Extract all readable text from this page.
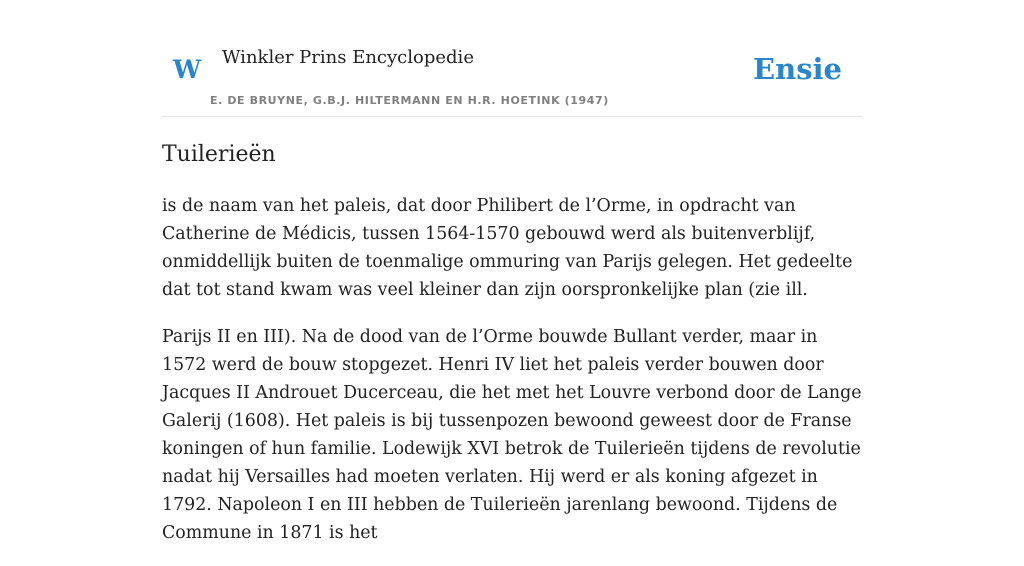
W Winkler Prins Encyclopedie
E. DE BRUYNE, G.B.J. HILTERMANN EN H.R. HOETINK (1947)
Ensie
Tuilerieën

is de naam van het paleis, dat door Philibert de l’Orme, in opdracht van Catherine de Médicis, tussen 1564-1570 gebouwd werd als buitenverblijf, onmiddellijk buiten de toenmalige ommuring van Parijs gelegen. Het gedeelte dat tot stand kwam was veel kleiner dan zijn oorspronkelijke plan (zie ill.

Parijs II en III). Na de dood van de l’Orme bouwde Bullant verder, maar in 1572 werd de bouw stopgezet. Henri IV liet het paleis verder bouwen door Jacques II Androuet Ducerceau, die het met het Louvre verbond door de Lange Galerij (1608). Het paleis is bij tussenpozen bewoond geweest door de Franse koningen of hun familie. Lodewijk XVI betrok de Tuilerieën tijdens de revolutie nadat hij Versailles had moeten verlaten. Hij werd er als koning afgezet in 1792. Napoleon I en III hebben de Tuilerieën jarenlang bewoond. Tijdens de Commune in 1871 is het
